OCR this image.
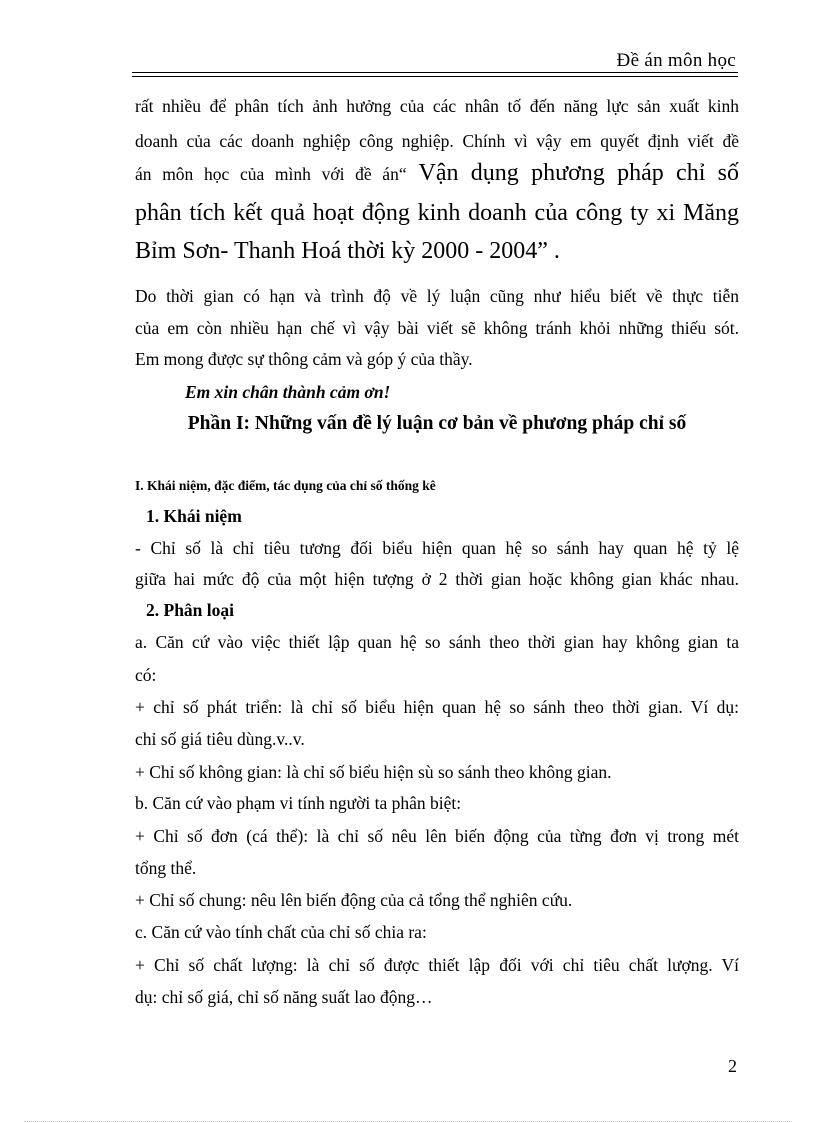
Đề án môn học
rất nhiều để phân tích ảnh hưởng của các nhân tố đến năng lực sản xuất kinh
doanh của các doanh nghiệp công nghiệp. Chính vì vậy em quyết định viết đề
án môn học của mình với đề án“ Vận dụng phương pháp chỉ số
phân tích kết quả hoạt động kinh doanh của công ty xi Măng
Bỉm Sơn- Thanh Hoá thời kỳ 2000 - 2004” .
Do thời gian có hạn và trình độ về lý luận cũng như hiểu biết về thực tiễn
của em còn nhiều hạn chế vì vậy bài viết sẽ không tránh khỏi những thiếu sót.
Em mong được sự thông cảm và góp ý của thầy.
Em xin chân thành cảm ơn!
Phần I: Những vấn đề lý luận cơ bản về phương pháp chỉ số
I. Khái niệm, đặc điểm, tác dụng của chỉ số thống kê
1. Khái niệm
- Chỉ số là chỉ tiêu tương đối biểu hiện quan hệ so sánh hay quan hệ tỷ lệ
giữa hai mức độ của một hiện tượng ở 2 thời gian hoặc không gian khác nhau.
2. Phân loại
a. Căn cứ vào việc thiết lập quan hệ so sánh theo thời gian hay không gian ta
có:
+ chỉ số phát triển: là chỉ số biểu hiện quan hệ so sánh theo thời gian. Ví dụ:
chỉ số giá tiêu dùng.v..v.
+ Chỉ số không gian: là chỉ số biểu hiện sù so sánh theo không gian.
b. Căn cứ vào phạm vi tính người ta phân biệt:
+ Chỉ số đơn (cá thể): là chỉ số nêu lên biến động của từng đơn vị trong mét
tổng thể.
+ Chỉ số chung: nêu lên biến động của cả tổng thể nghiên cứu.
c. Căn cứ vào tính chất của chỉ số chia ra:
+ Chỉ số chất lượng: là chỉ số được thiết lập đối với chỉ tiêu chất lượng. Ví
dụ: chỉ số giá, chỉ số năng suất lao động…
2
